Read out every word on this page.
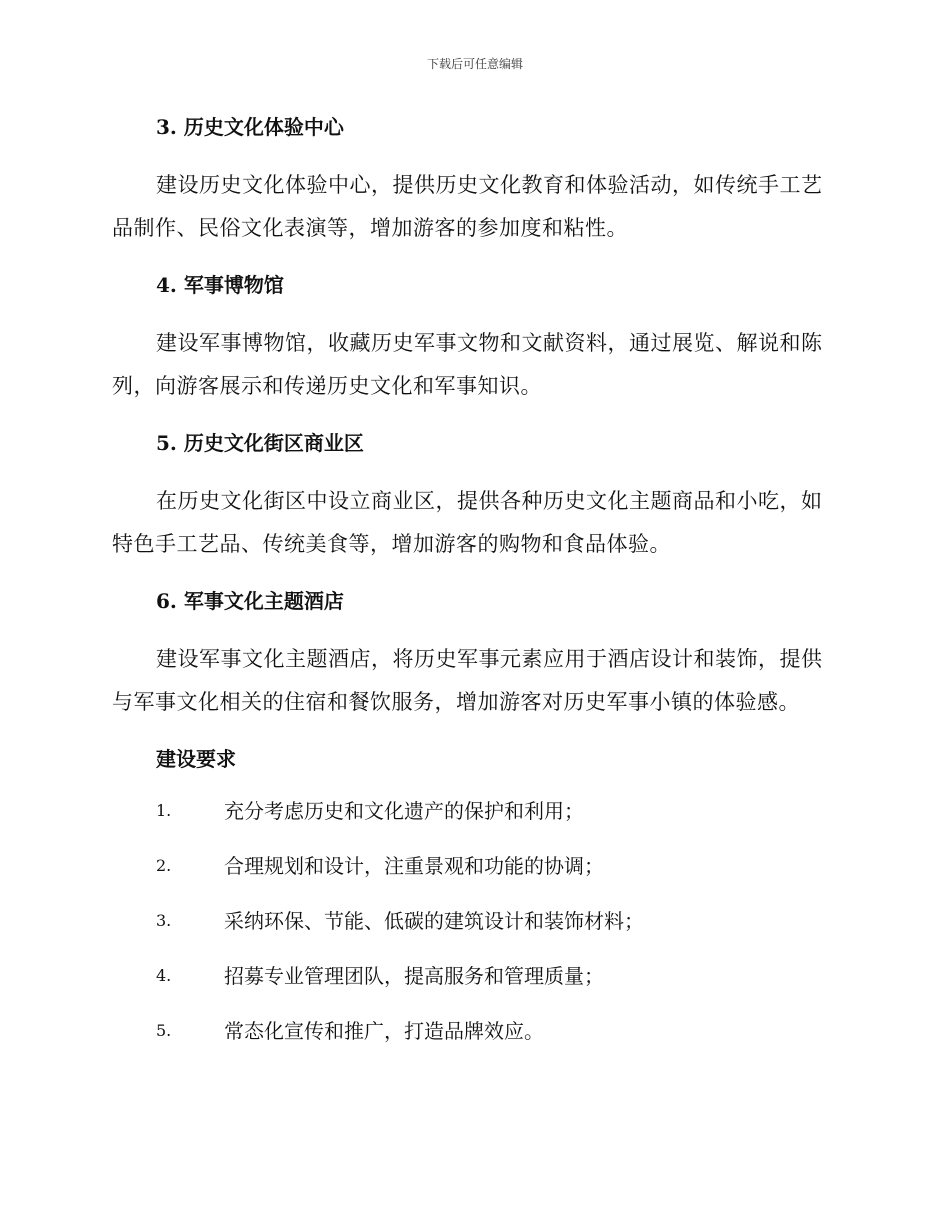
下载后可任意编辑
3. 历史文化体验中心

建设历史文化体验中心，提供历史文化教育和体验活动，如传统手工艺品制作、民俗文化表演等，增加游客的参加度和粘性。

4. 军事博物馆

建设军事博物馆，收藏历史军事文物和文献资料，通过展览、解说和陈列，向游客展示和传递历史文化和军事知识。

5. 历史文化街区商业区

在历史文化街区中设立商业区，提供各种历史文化主题商品和小吃，如特色手工艺品、传统美食等，增加游客的购物和食品体验。

6. 军事文化主题酒店

建设军事文化主题酒店，将历史军事元素应用于酒店设计和装饰，提供与军事文化相关的住宿和餐饮服务，增加游客对历史军事小镇的体验感。

建设要求
1.	充分考虑历史和文化遗产的保护和利用；
2.	合理规划和设计，注重景观和功能的协调；
3.	采纳环保、节能、低碳的建筑设计和装饰材料；
4.	招募专业管理团队，提高服务和管理质量；
5.	常态化宣传和推广，打造品牌效应。
